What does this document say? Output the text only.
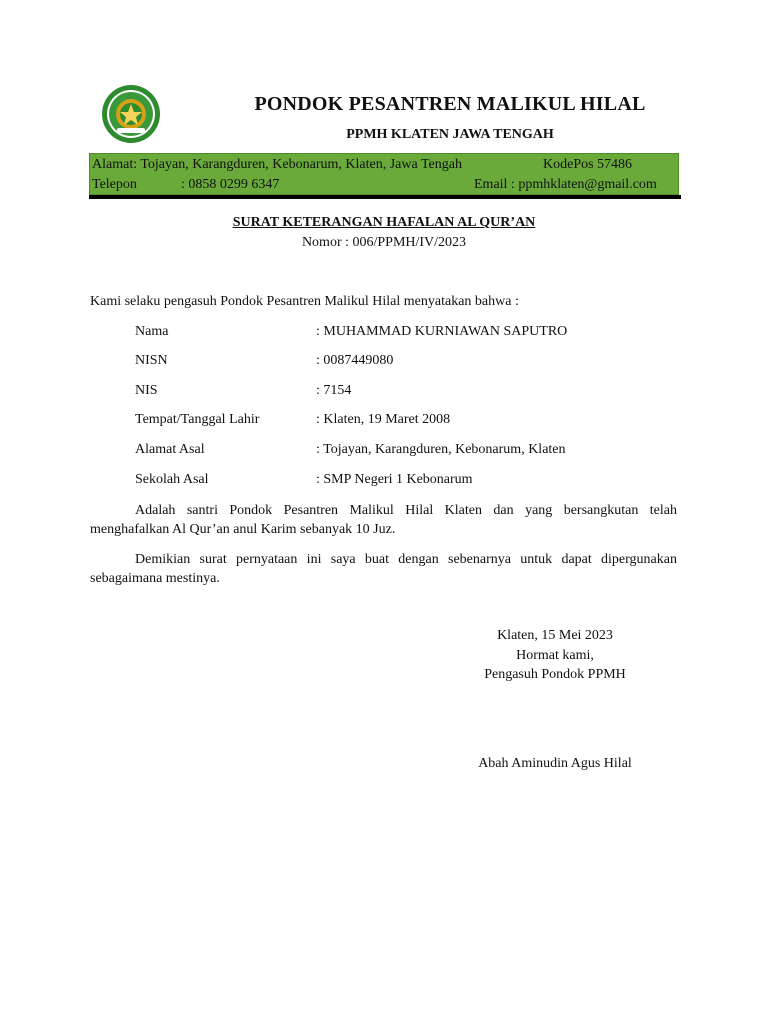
PONDOK PESANTREN MALIKUL HILAL
PPMH KLATEN JAWA TENGAH
Alamat: Tojayan, Karangduren, Kebonarum, Klaten, Jawa Tengah	KodePos 57486
Telepon	: 0858 0299 6347	Email : ppmhklaten@gmail.com
SURAT KETERANGAN HAFALAN AL QUR’AN
Nomor : 006/PPMH/IV/2023
Kami selaku pengasuh Pondok Pesantren Malikul Hilal menyatakan bahwa :
Nama	: MUHAMMAD KURNIAWAN SAPUTRO
NISN	: 0087449080
NIS	: 7154
Tempat/Tanggal Lahir	: Klaten, 19 Maret 2008
Alamat Asal	: Tojayan, Karangduren, Kebonarum, Klaten
Sekolah Asal	: SMP Negeri 1 Kebonarum
Adalah santri Pondok Pesantren Malikul Hilal Klaten dan yang bersangkutan telah menghafalkan Al Qur’an anul Karim sebanyak 10 Juz.
Demikian surat pernyataan ini saya buat dengan sebenarnya untuk dapat dipergunakan sebagaimana mestinya.
Klaten, 15 Mei 2023
Hormat kami,
Pengasuh Pondok PPMH
Abah Aminudin Agus Hilal
